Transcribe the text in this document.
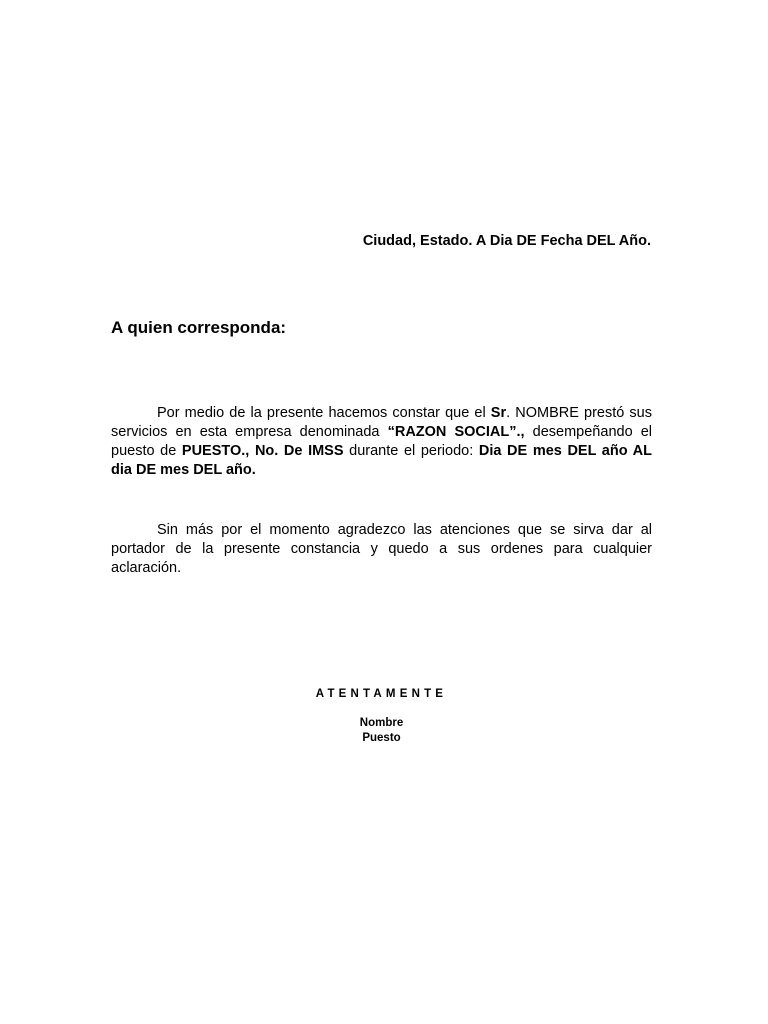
Ciudad, Estado. A Dia DE Fecha DEL Año.
A quien corresponda:
Por medio de la presente hacemos constar que el Sr. NOMBRE prestó sus servicios en esta empresa denominada “RAZON SOCIAL”., desempeñando el puesto de PUESTO., No. De IMSS durante el periodo: Dia DE mes DEL año AL dia DE mes DEL año.
Sin más por el momento agradezco las atenciones que se sirva dar al portador de la presente constancia y quedo a sus ordenes para cualquier aclaración.
ATENTAMENTE
Nombre
Puesto
